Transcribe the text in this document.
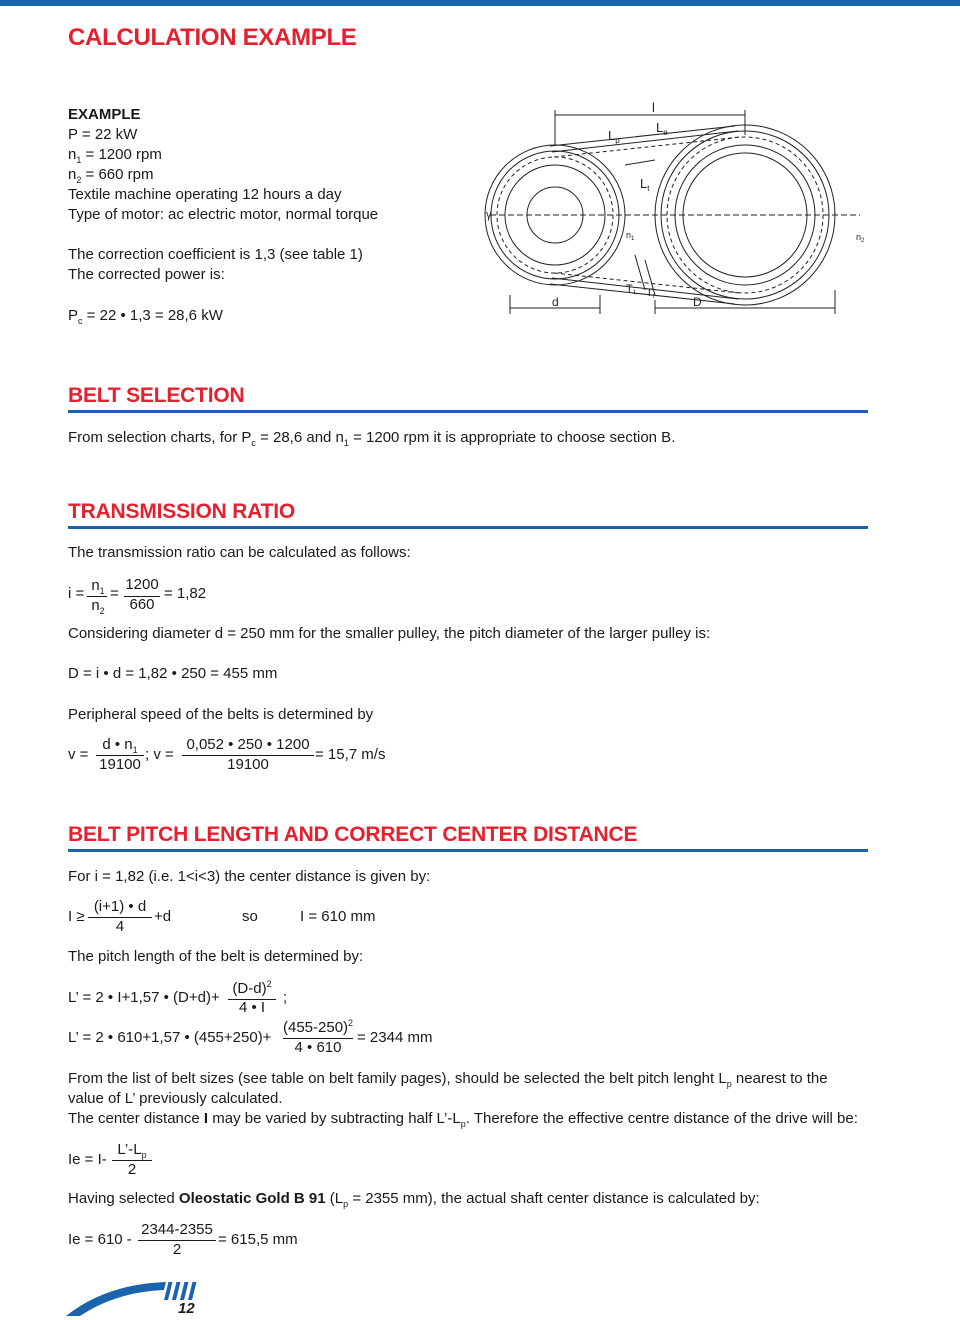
CALCULATION EXAMPLE
EXAMPLE
P = 22 kW
$n_1 = 1200$ rpm
$n_2 = 660$ rpm
Textile machine operating 12 hours a day
Type of motor: ac electric motor, normal torque
The correction coefficient is 1,3 (see table 1)
The corrected power is:
$P_c = 22$ • 1,3 = 28,6 kW
l
$L_p$
$L_e$
$L_t$
γ
$n_1$	$n_2$
d
T1 Tt	D
BELT SELECTION
From selection charts, for $P_c = 28,6$ and $n_1 = 1200$ rpm it is appropriate to choose section B.
TRANSMISSION RATIO
The transmission ratio can be calculated as follows:
$i = n_1$
$n_2$
=
1200
660
= 1,82
Considering diameter d = 250 mm for the smaller pulley, the pitch diameter of the larger pulley is:
D = i • d = 1,82 • 250 = 455 mm
Peripheral speed of the belts is determined by
v =
d • $n_1$
19100
; v =
0,052 • 250 • 1200
19100
= 15,7 m/s
BELT PITCH LENGTH AND CORRECT CENTER DISTANCE
For i = 1,82 (i.e. 1<i<3) the center distance is given by:
I ≥
(i+1) • d
4
+d	so	I = 610 mm
The pitch length of the belt is determined by:
L’ = 2 • I+1,57 • (D+d)+
$(D-d)^2$
4 • I
;
L’ = 2 • 610+1,57 • (455+250)+
$(455-250)^2$
4 • 610
= 2344 mm
From the list of belt sizes (see table on belt family pages), should be selected the belt pitch lenght $L_p$ nearest to the
value of L’ previously calculated.
The center distance I may be varied by subtracting half $L’-L_p$. Therefore the effective centre distance of the drive will be:
Ie = I-
$L’-L_p$
2
Having selected Oleostatic Gold B 91 ($L_p = 2355$ mm), the actual shaft center distance is calculated by:
Ie = 610 -
2344-2355
2
= 615,5 mm
12
